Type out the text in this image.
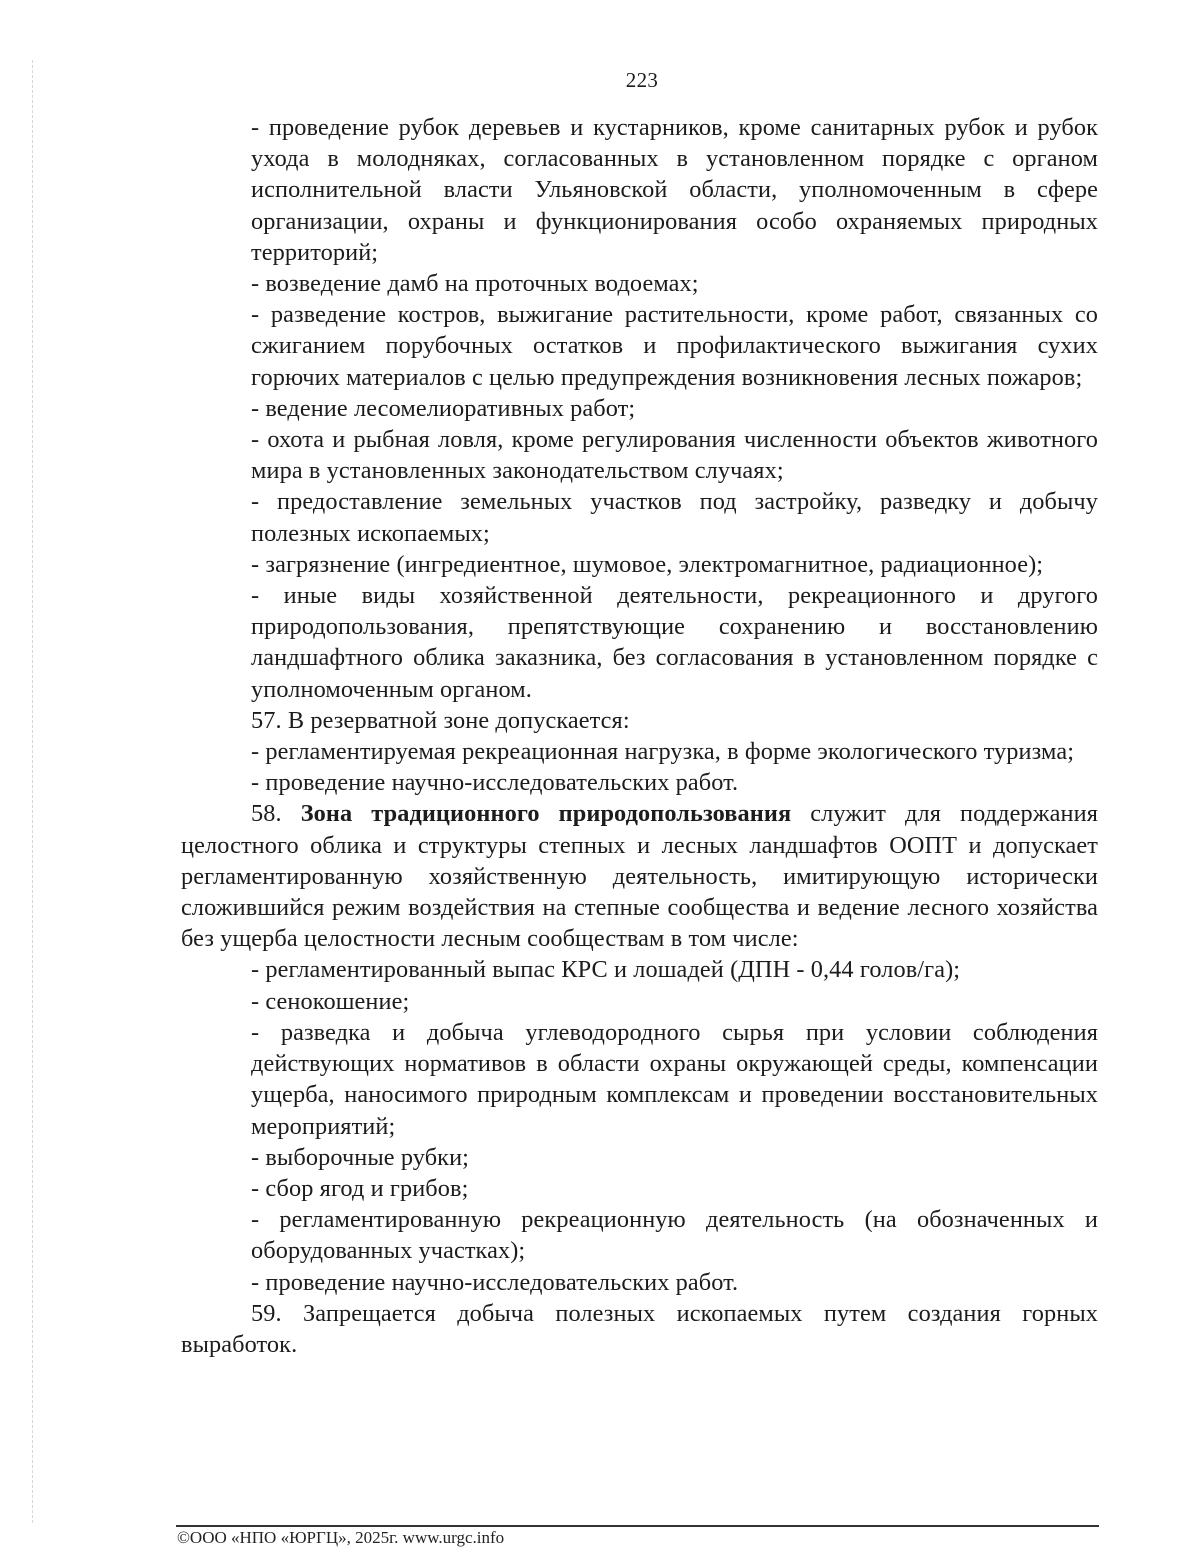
223

- проведение рубок деревьев и кустарников, кроме санитарных рубок и рубок ухода в молодняках, согласованных в установленном порядке с органом исполнительной власти Ульяновской области, уполномоченным в сфере организации, охраны и функционирования особо охраняемых природных территорий;

- возведение дамб на проточных водоемах;

- разведение костров, выжигание растительности, кроме работ, связанных со сжиганием порубочных остатков и профилактического выжигания сухих горючих материалов с целью предупреждения возникновения лесных пожаров;

- ведение лесомелиоративных работ;

- охота и рыбная ловля, кроме регулирования численности объектов животного мира в установленных законодательством случаях;

- предоставление земельных участков под застройку, разведку и добычу полезных ископаемых;

- загрязнение (ингредиентное, шумовое, электромагнитное, радиационное);

- иные виды хозяйственной деятельности, рекреационного и другого природопользования, препятствующие сохранению и восстановлению ландшафтного облика заказника, без согласования в установленном порядке с уполномоченным органом.

57. В резерватной зоне допускается:

- регламентируемая рекреационная нагрузка, в форме экологического туризма;

- проведение научно-исследовательских работ.

58. Зона традиционного природопользования служит для поддержания целостного облика и структуры степных и лесных ландшафтов ООПТ и допускает регламентированную хозяйственную деятельность, имитирующую исторически сложившийся режим воздействия на степные сообщества и ведение лесного хозяйства без ущерба целостности лесным сообществам в том числе:

- регламентированный выпас КРС и лошадей (ДПН - 0,44 голов/га);

- сенокошение;

- разведка и добыча углеводородного сырья при условии соблюдения действующих нормативов в области охраны окружающей среды, компенсации ущерба, наносимого природным комплексам и проведении восстановительных мероприятий;

- выборочные рубки;

- сбор ягод и грибов;

- регламентированную рекреационную деятельность (на обозначенных и оборудованных участках);

- проведение научно-исследовательских работ.

59. Запрещается добыча полезных ископаемых путем создания горных выработок.

©ООО «НПО «ЮРГЦ», 2025г. www.urgc.info
